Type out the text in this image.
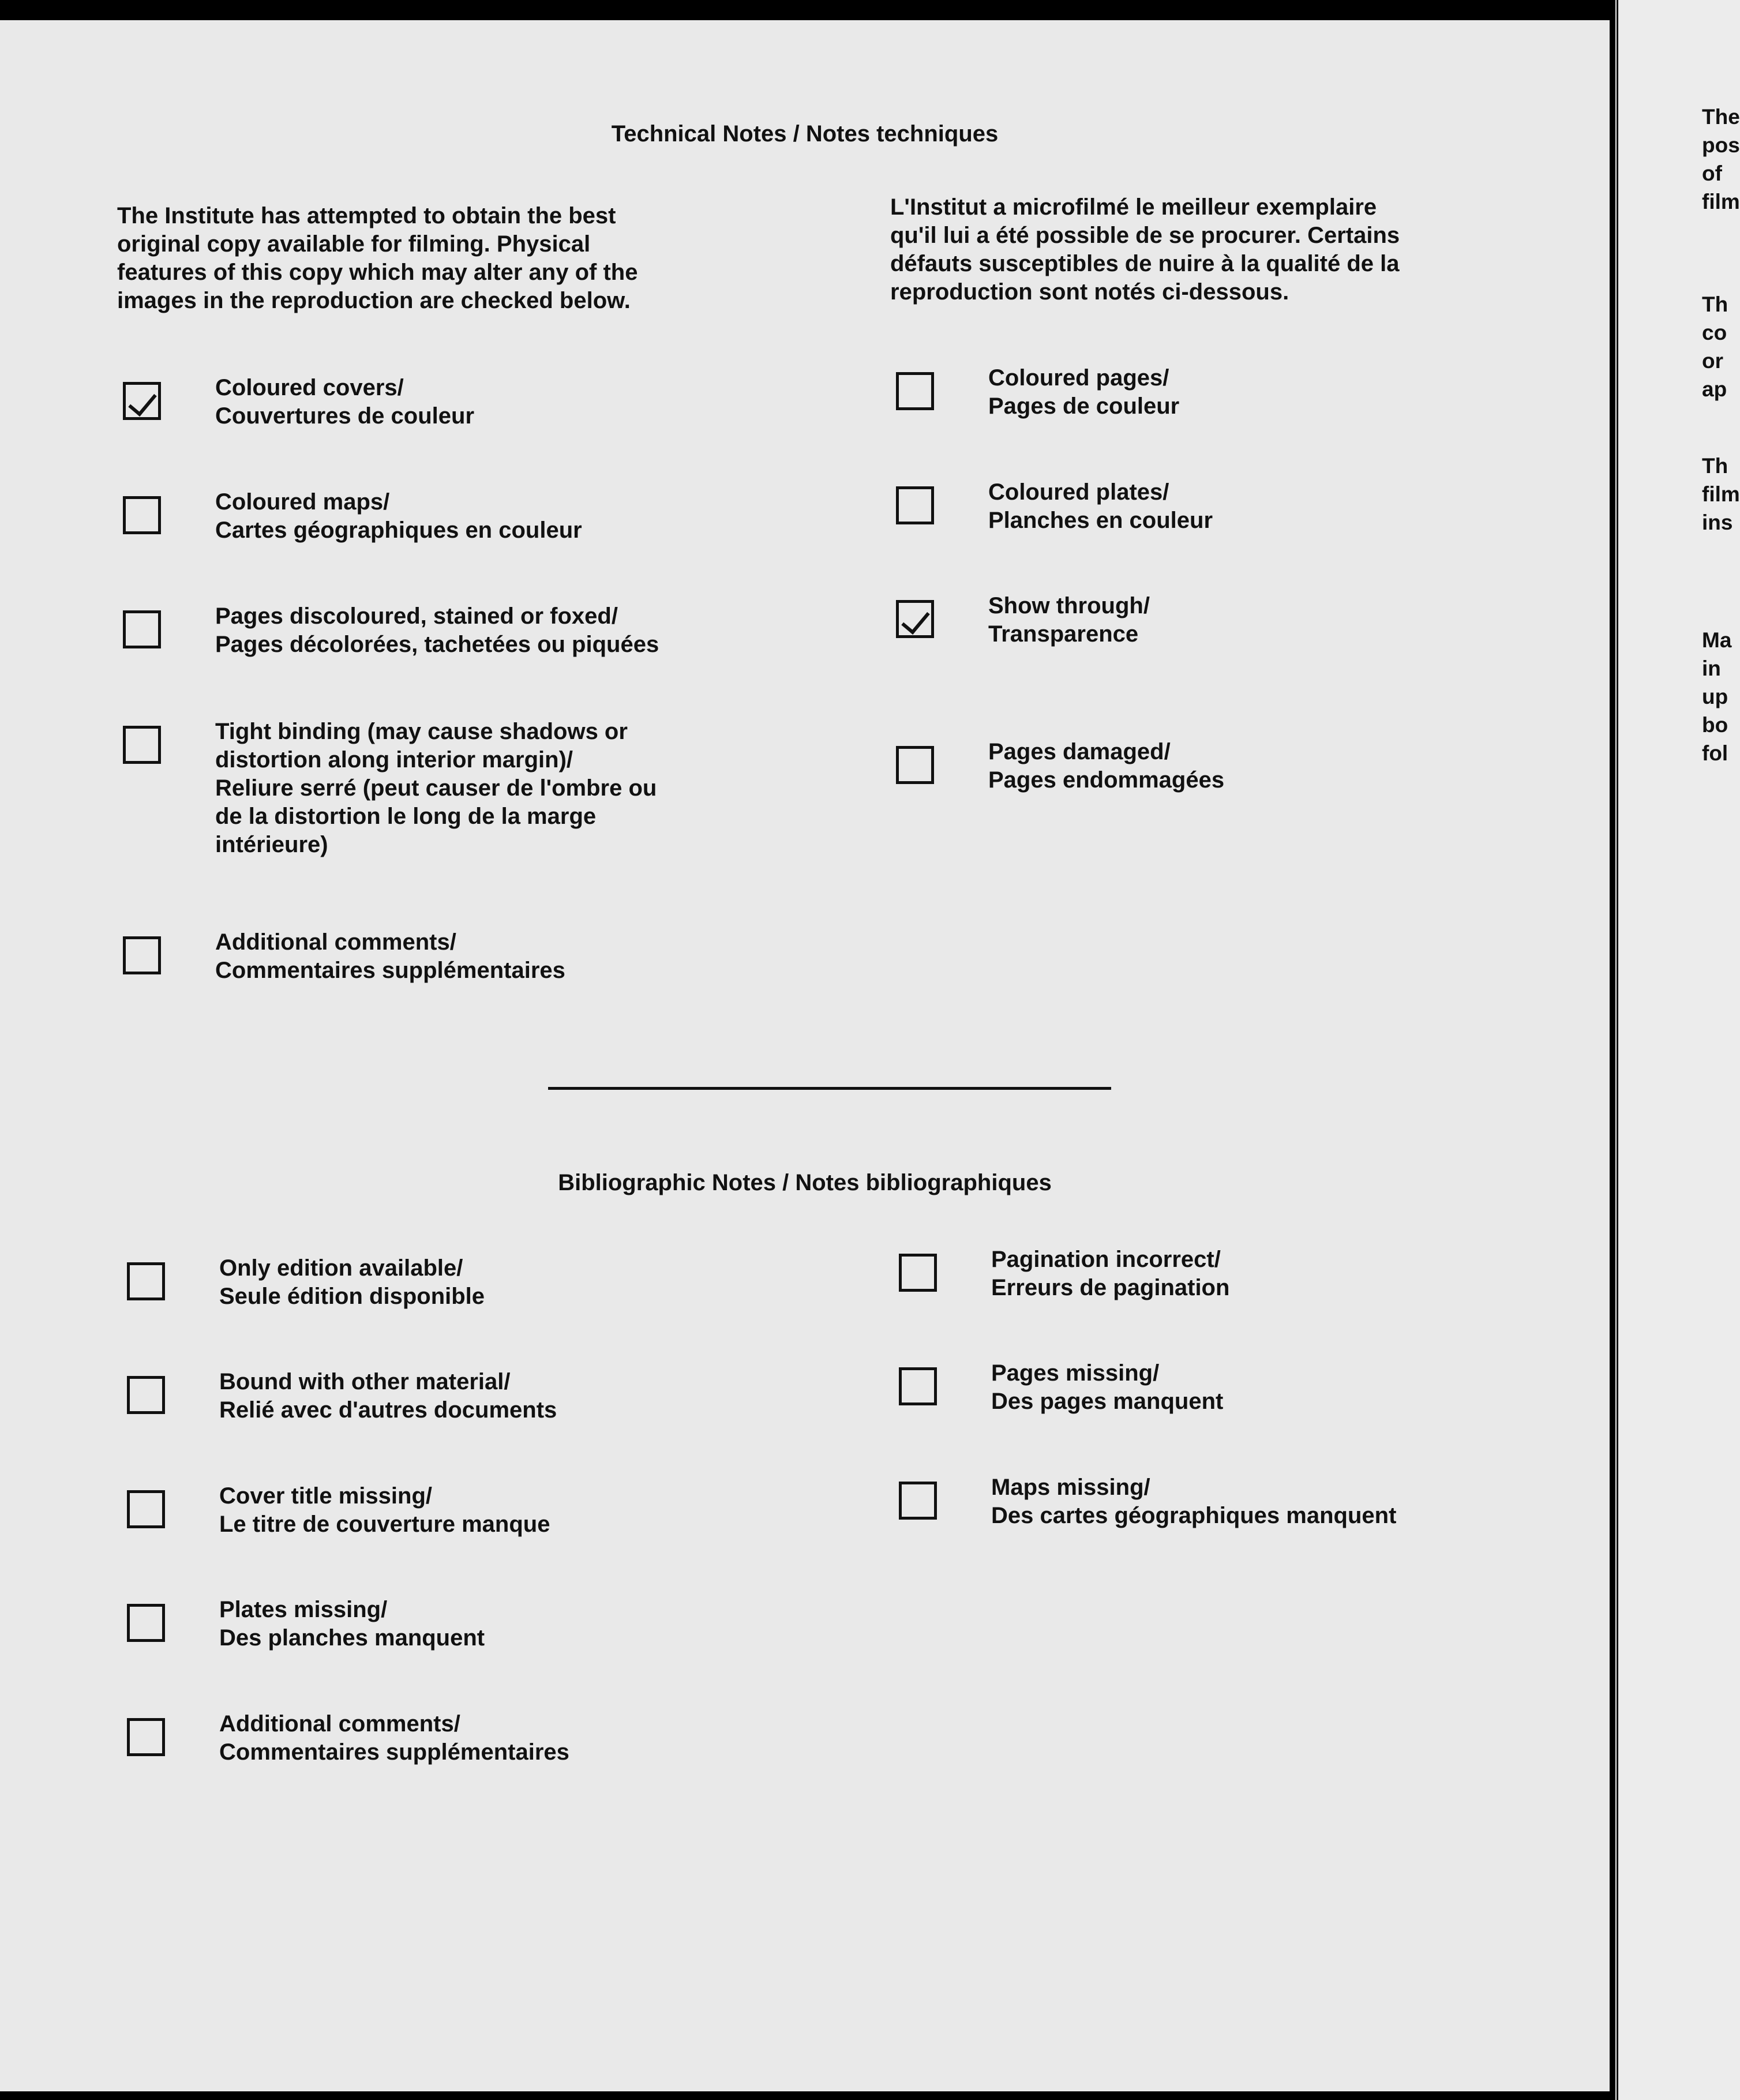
Technical Notes / Notes techniques
The Institute has attempted to obtain the best
original copy available for filming. Physical
features of this copy which may alter any of the
images in the reproduction are checked below.
L'Institut a microfilmé le meilleur exemplaire
qu'il lui a été possible de se procurer. Certains
défauts susceptibles de nuire à la qualité de la
reproduction sont notés ci-dessous.
Coloured covers/
Couvertures de couleur
Coloured maps/
Cartes géographiques en couleur
Pages discoloured, stained or foxed/
Pages décolorées, tachetées ou piquées
Tight binding (may cause shadows or
distortion along interior margin)/
Reliure serré (peut causer de l'ombre ou
de la distortion le long de la marge
intérieure)
Additional comments/
Commentaires supplémentaires
Coloured pages/
Pages de couleur
Coloured plates/
Planches en couleur
Show through/
Transparence
Pages damaged/
Pages endommagées
Bibliographic Notes / Notes bibliographiques
Only edition available/
Seule édition disponible
Bound with other material/
Relié avec d'autres documents
Cover title missing/
Le titre de couverture manque
Plates missing/
Des planches manquent
Additional comments/
Commentaires supplémentaires
Pagination incorrect/
Erreurs de pagination
Pages missing/
Des pages manquent
Maps missing/
Des cartes géographiques manquent
The
pos
of
film
Th
co
or
ap
Th
film
ins
Ma
in
up
bo
fol
